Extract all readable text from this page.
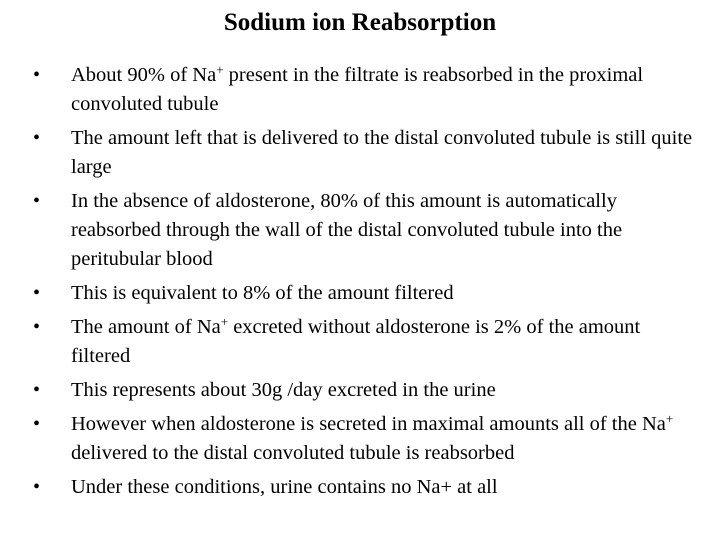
Sodium ion Reabsorption
• About 90% of Na+ present in the filtrate is reabsorbed in the proximal convoluted tubule
• The amount left that is delivered to the distal convoluted tubule is still quite large
• In the absence of aldosterone, 80% of this amount is automatically reabsorbed through the wall of the distal convoluted tubule into the peritubular blood
• This is equivalent to 8% of the amount filtered
• The amount of Na+ excreted without aldosterone is 2% of the amount filtered
• This represents about 30g /day excreted in the urine
• However when aldosterone is secreted in maximal amounts all of the Na+ delivered to the distal convoluted tubule is reabsorbed
• Under these conditions, urine contains no Na+ at all
